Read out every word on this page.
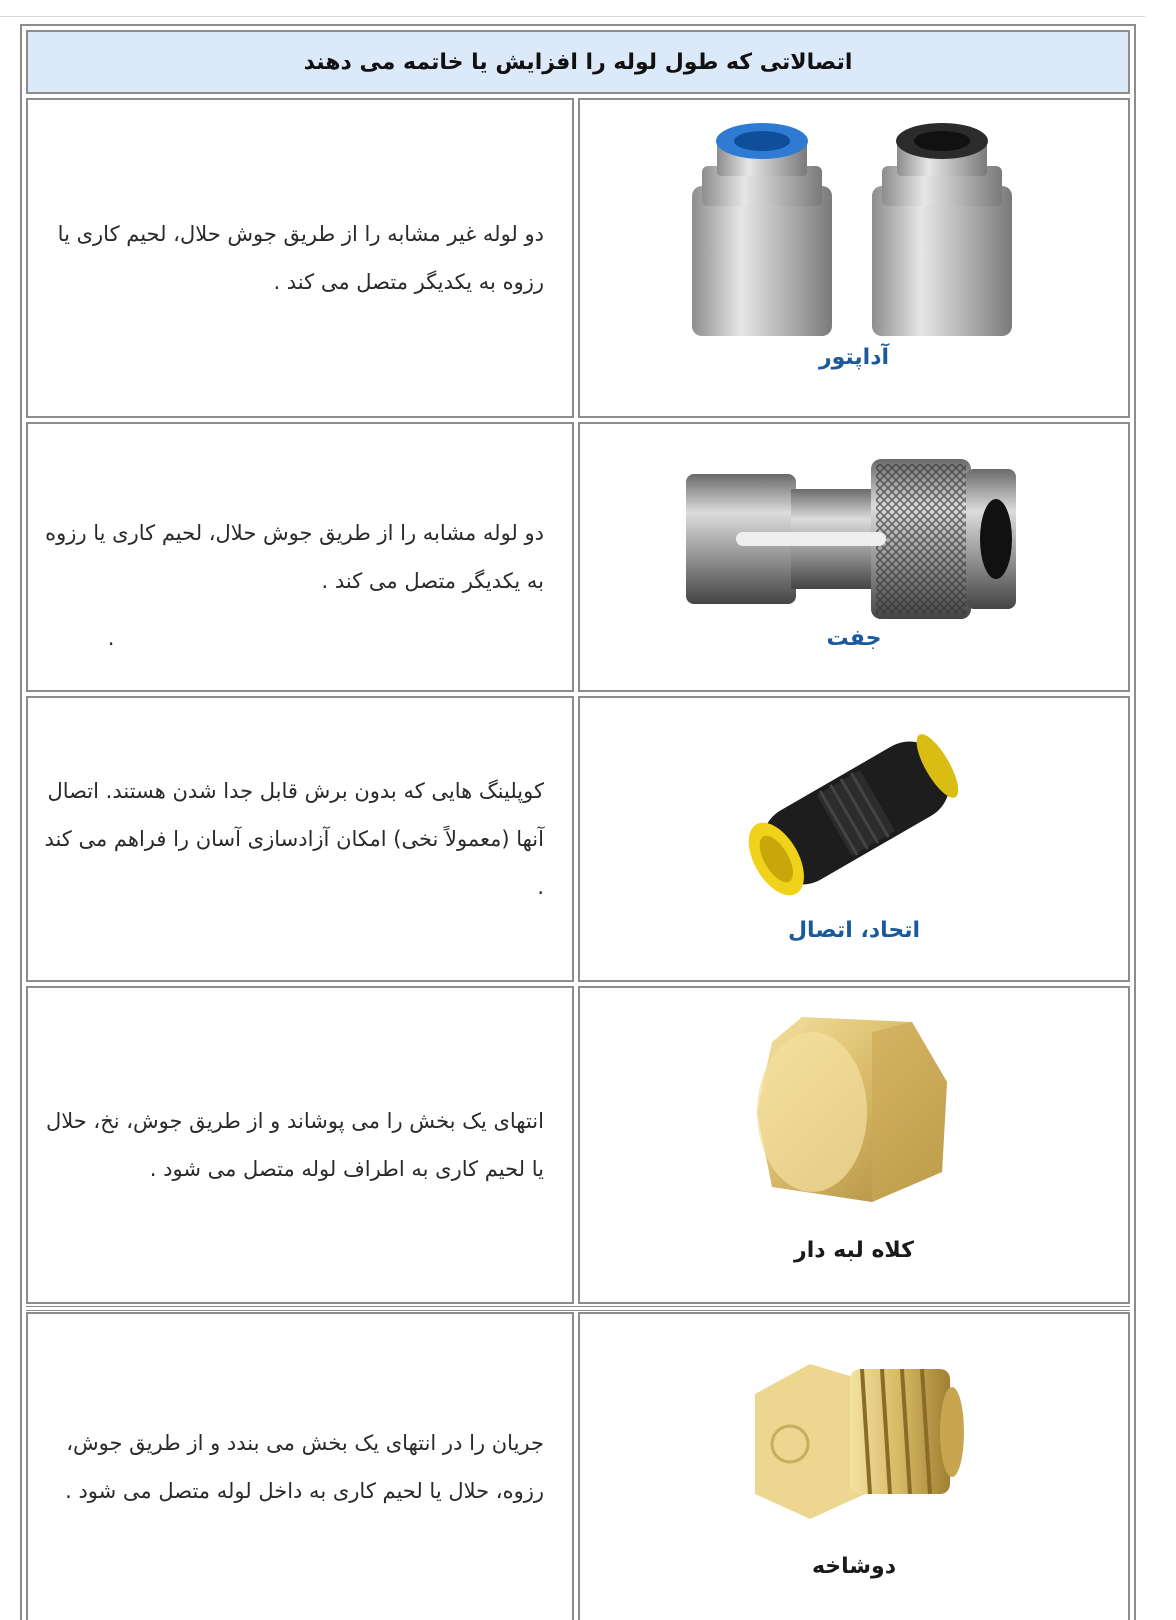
اتصالاتی که طول لوله را افزایش یا خاتمه می دهند

دو لوله غیر مشابه را از طریق جوش حلال، لحیم کاری یا رزوه به یکدیگر متصل می کند .

آداپتور

دو لوله مشابه را از طریق جوش حلال، لحیم کاری یا رزوه به یکدیگر متصل می کند .

.	جفت

کوپلینگ هایی که بدون برش قابل جدا شدن هستند. اتصال آنها (معمولاً نخی) امکان آزادسازی آسان را فراهم می کند .

اتحاد، اتصال

انتهای یک بخش را می پوشاند و از طریق جوش، نخ، حلال یا لحیم کاری به اطراف لوله متصل می شود .

کلاه لبه دار

جریان را در انتهای یک بخش می بندد و از طریق جوش، رزوه، حلال یا لحیم کاری به داخل لوله متصل می شود .

دوشاخه
